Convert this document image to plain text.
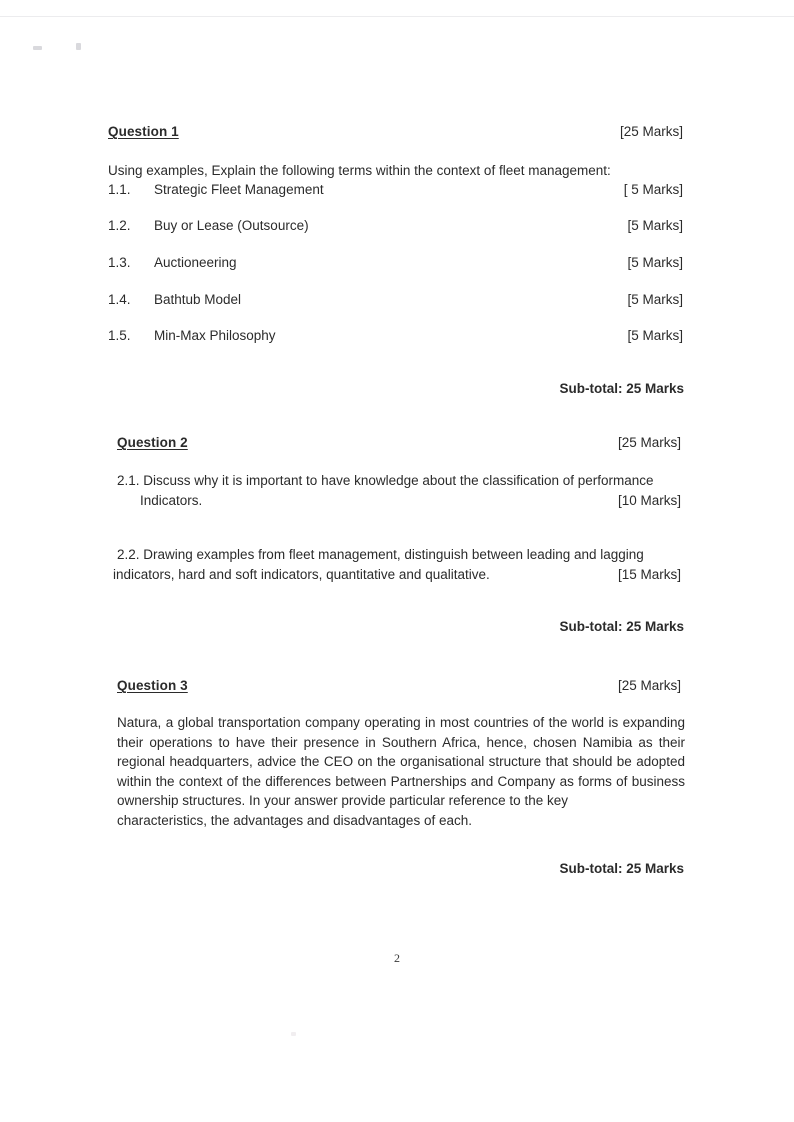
Question 1	[25 Marks]
Using examples, Explain the following terms within the context of fleet management:
1.1.	Strategic Fleet Management	[ 5 Marks]
1.2.	Buy or Lease (Outsource)	[5 Marks]
1.3.	Auctioneering	[5 Marks]
1.4.	Bathtub Model	[5 Marks]
1.5.	Min-Max Philosophy	[5 Marks]
Sub-total: 25 Marks
Question 2	[25 Marks]
2.1. Discuss why it is important to have knowledge about the classification of performance
Indicators.	[10 Marks]
2.2. Drawing examples from fleet management, distinguish between leading and lagging
indicators, hard and soft indicators, quantitative and qualitative.	[15 Marks]
Sub-total: 25 Marks
Question 3	[25 Marks]
Natura, a global transportation company operating in most countries of the world is expanding their operations to have their presence in Southern Africa, hence, chosen Namibia as their regional headquarters, advice the CEO on the organisational structure that should be adopted within the context of the differences between Partnerships and Company as forms of business ownership structures. In your answer provide particular reference to the key
characteristics, the advantages and disadvantages of each.
Sub-total: 25 Marks
2
